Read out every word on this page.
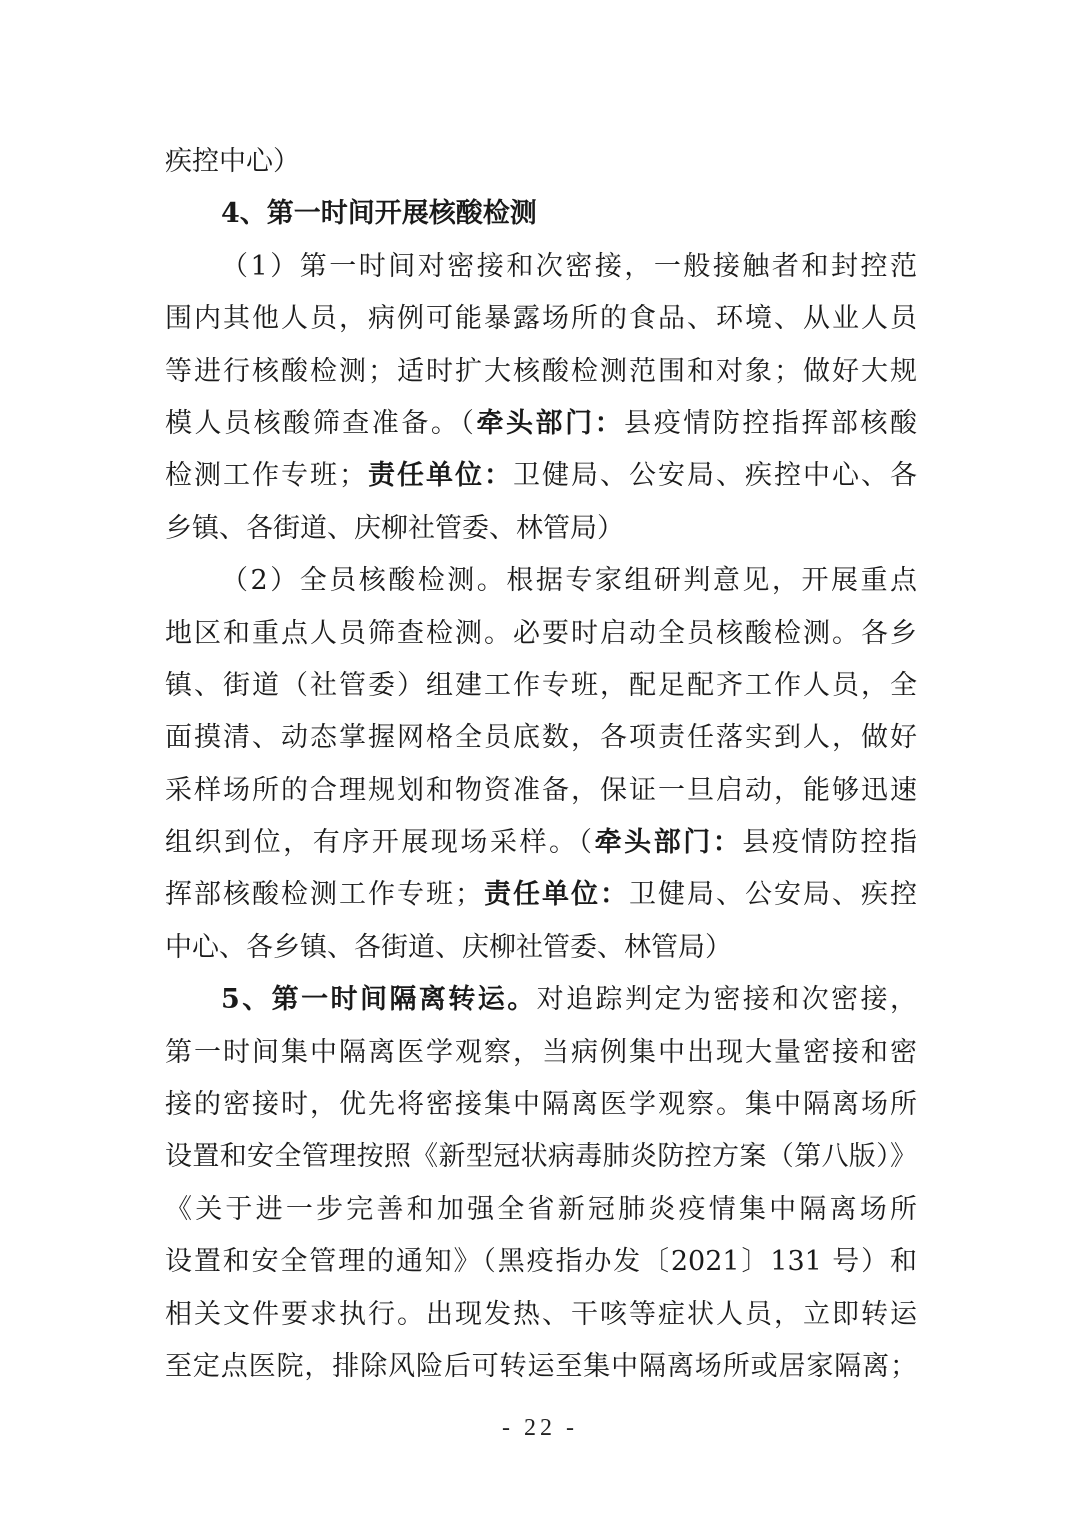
疾控中心）
4、第一时间开展核酸检测
（1）第一时间对密接和次密接，一般接触者和封控范
围内其他人员，病例可能暴露场所的食品、环境、从业人员
等进行核酸检测；适时扩大核酸检测范围和对象；做好大规
模人员核酸筛查准备。（牵头部门：县疫情防控指挥部核酸
检测工作专班；责任单位：卫健局、公安局、疾控中心、各
乡镇、各街道、庆柳社管委、林管局）
（2）全员核酸检测。根据专家组研判意见，开展重点
地区和重点人员筛查检测。必要时启动全员核酸检测。各乡
镇、街道（社管委）组建工作专班，配足配齐工作人员，全
面摸清、动态掌握网格全员底数，各项责任落实到人，做好
采样场所的合理规划和物资准备，保证一旦启动，能够迅速
组织到位，有序开展现场采样。（牵头部门：县疫情防控指
挥部核酸检测工作专班；责任单位：卫健局、公安局、疾控
中心、各乡镇、各街道、庆柳社管委、林管局）
5、第一时间隔离转运。对追踪判定为密接和次密接，
第一时间集中隔离医学观察，当病例集中出现大量密接和密
接的密接时，优先将密接集中隔离医学观察。集中隔离场所
设置和安全管理按照《新型冠状病毒肺炎防控方案（第八版）》
《关于进一步完善和加强全省新冠肺炎疫情集中隔离场所
设置和安全管理的通知》（黑疫指办发〔2021〕131 号）和
相关文件要求执行。出现发热、干咳等症状人员，立即转运
至定点医院，排除风险后可转运至集中隔离场所或居家隔离；
- 22 -
